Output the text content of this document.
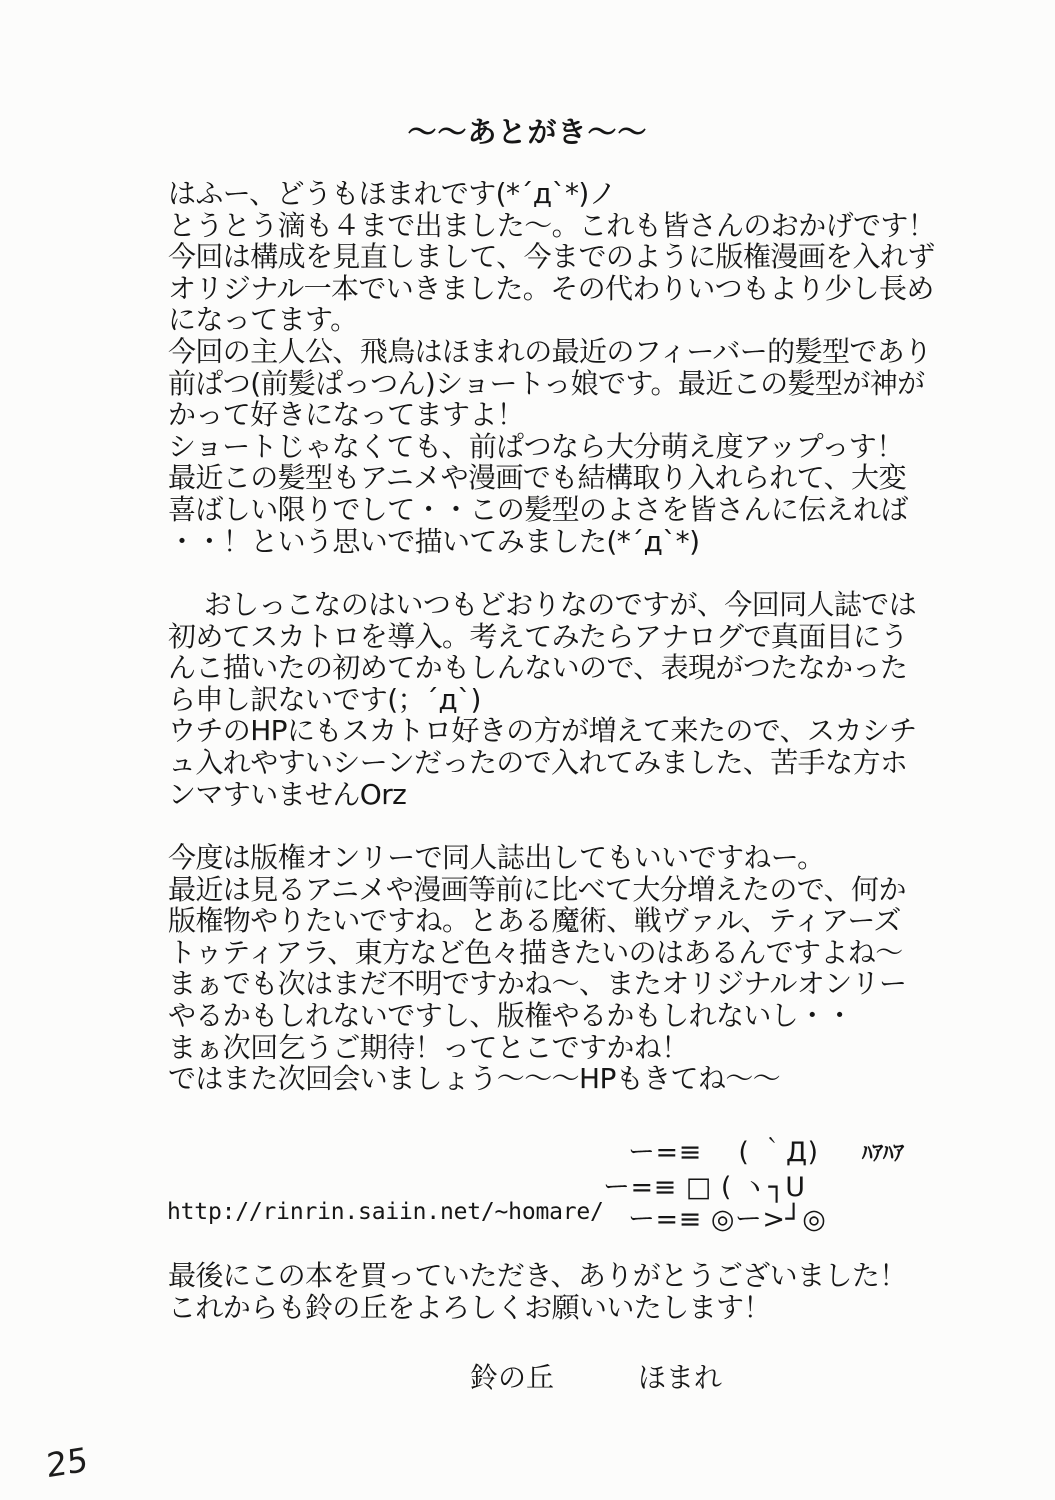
～～あとがき～～
はふー、どうもほまれです(*´д`*)ノ
とうとう滴も４まで出ました～。これも皆さんのおかげです！
今回は構成を見直しまして、今までのように版権漫画を入れず
オリジナル一本でいきました。その代わりいつもより少し長め
になってます。
今回の主人公、飛鳥はほまれの最近のフィーバー的髪型であり
前ぱつ(前髪ぱっつん)ショートっ娘です。最近この髪型が神が
かって好きになってますよ！
ショートじゃなくても、前ぱつなら大分萌え度アップっす！
最近この髪型もアニメや漫画でも結構取り入れられて、大変
喜ばしい限りでして・・この髪型のよさを皆さんに伝えれば
・・！という思いで描いてみました(*´д`*)
　 おしっこなのはいつもどおりなのですが、今回同人誌では
初めてスカトロを導入。考えてみたらアナログで真面目にう
んこ描いたの初めてかもしんないので、表現がつたなかった
ら申し訳ないです(；´д`)
ウチのHPにもスカトロ好きの方が増えて来たので、スカシチ
ュ入れやすいシーンだったので入れてみました、苦手な方ホ
ンマすいませんOrz
今度は版権オンリーで同人誌出してもいいですねー。
最近は見るアニメや漫画等前に比べて大分増えたので、何か
版権物やりたいですね。とある魔術、戦ヴァル、ティアーズ
トゥティアラ、東方など色々描きたいのはあるんですよね～
まぁでも次はまだ不明ですかね～、またオリジナルオンリー
やるかもしれないですし、版権やるかもしれないし・・
まぁ次回乞うご期待！ってとこですかね！
ではまた次回会いましょう～～～HPもきてね～～
ー=≡　 ( ｀Д) ﾊｱﾊｱ
ー=≡ □ ( ヽ┐U
ー=≡ ◎ー>┘◎
http://rinrin.saiin.net/~homare/
最後にこの本を買っていただき、ありがとうございました！
これからも鈴の丘をよろしくお願いいたします！
鈴の丘　　　ほまれ
25
